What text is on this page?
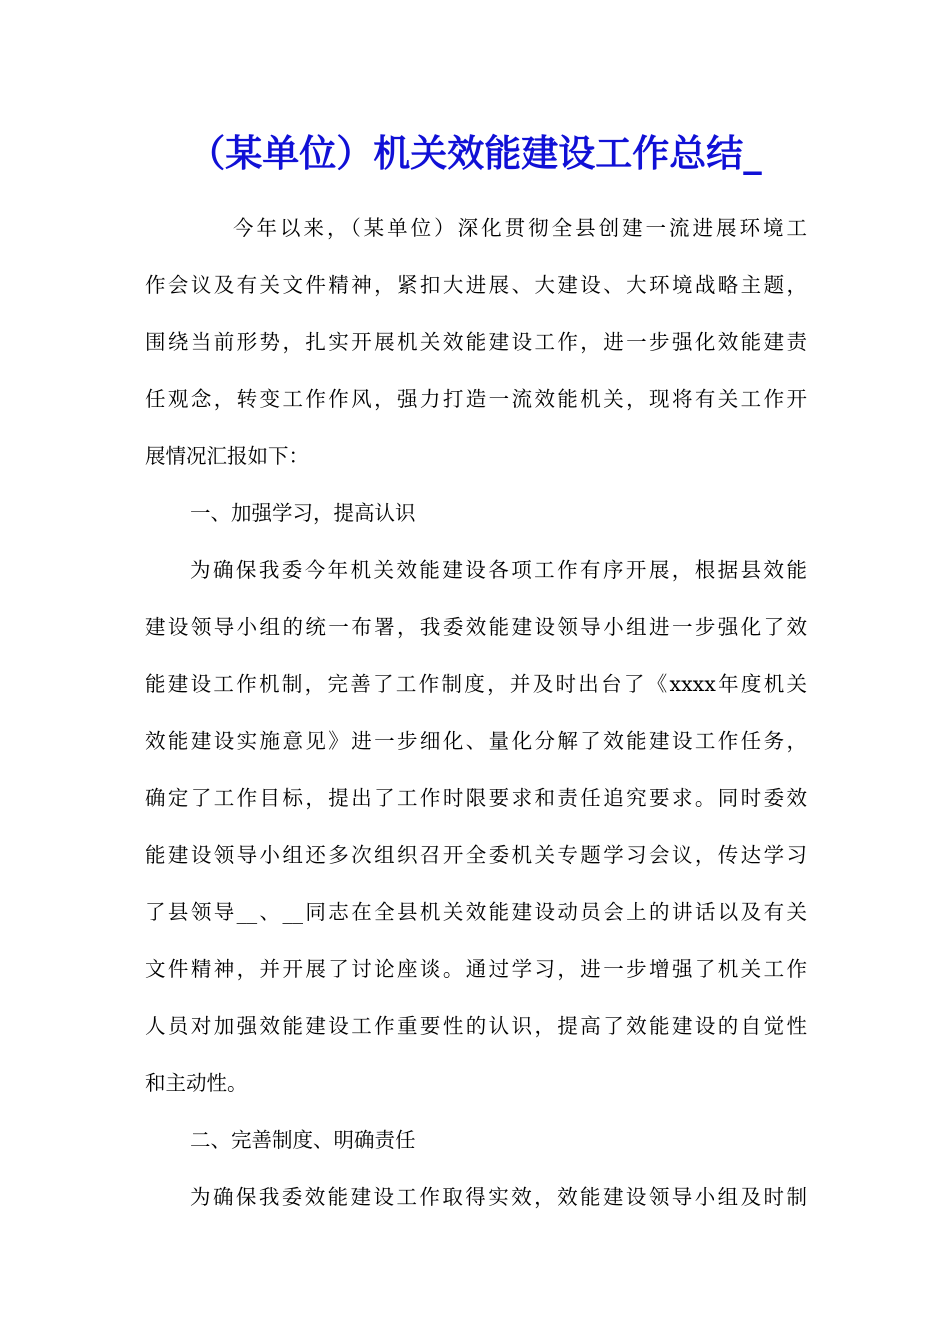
（某单位）机关效能建设工作总结_

今年以来，（某单位）深化贯彻全县创建一流进展环境工

作会议及有关文件精神，紧扣大进展、大建设、大环境战略主题，

围绕当前形势，扎实开展机关效能建设工作，进一步强化效能建责

任观念，转变工作作风，强力打造一流效能机关，现将有关工作开

展情况汇报如下：

一、加强学习，提高认识

为确保我委今年机关效能建设各项工作有序开展，根据县效能

建设领导小组的统一布署，我委效能建设领导小组进一步强化了效

能建设工作机制，完善了工作制度，并及时出台了《xxxx年度机关

效能建设实施意见》进一步细化、量化分解了效能建设工作任务，

确定了工作目标，提出了工作时限要求和责任追究要求。同时委效

能建设领导小组还多次组织召开全委机关专题学习会议，传达学习

了县领导__、__同志在全县机关效能建设动员会上的讲话以及有关

文件精神，并开展了讨论座谈。通过学习，进一步增强了机关工作

人员对加强效能建设工作重要性的认识，提高了效能建设的自觉性

和主动性。

二、完善制度、明确责任

为确保我委效能建设工作取得实效，效能建设领导小组及时制
